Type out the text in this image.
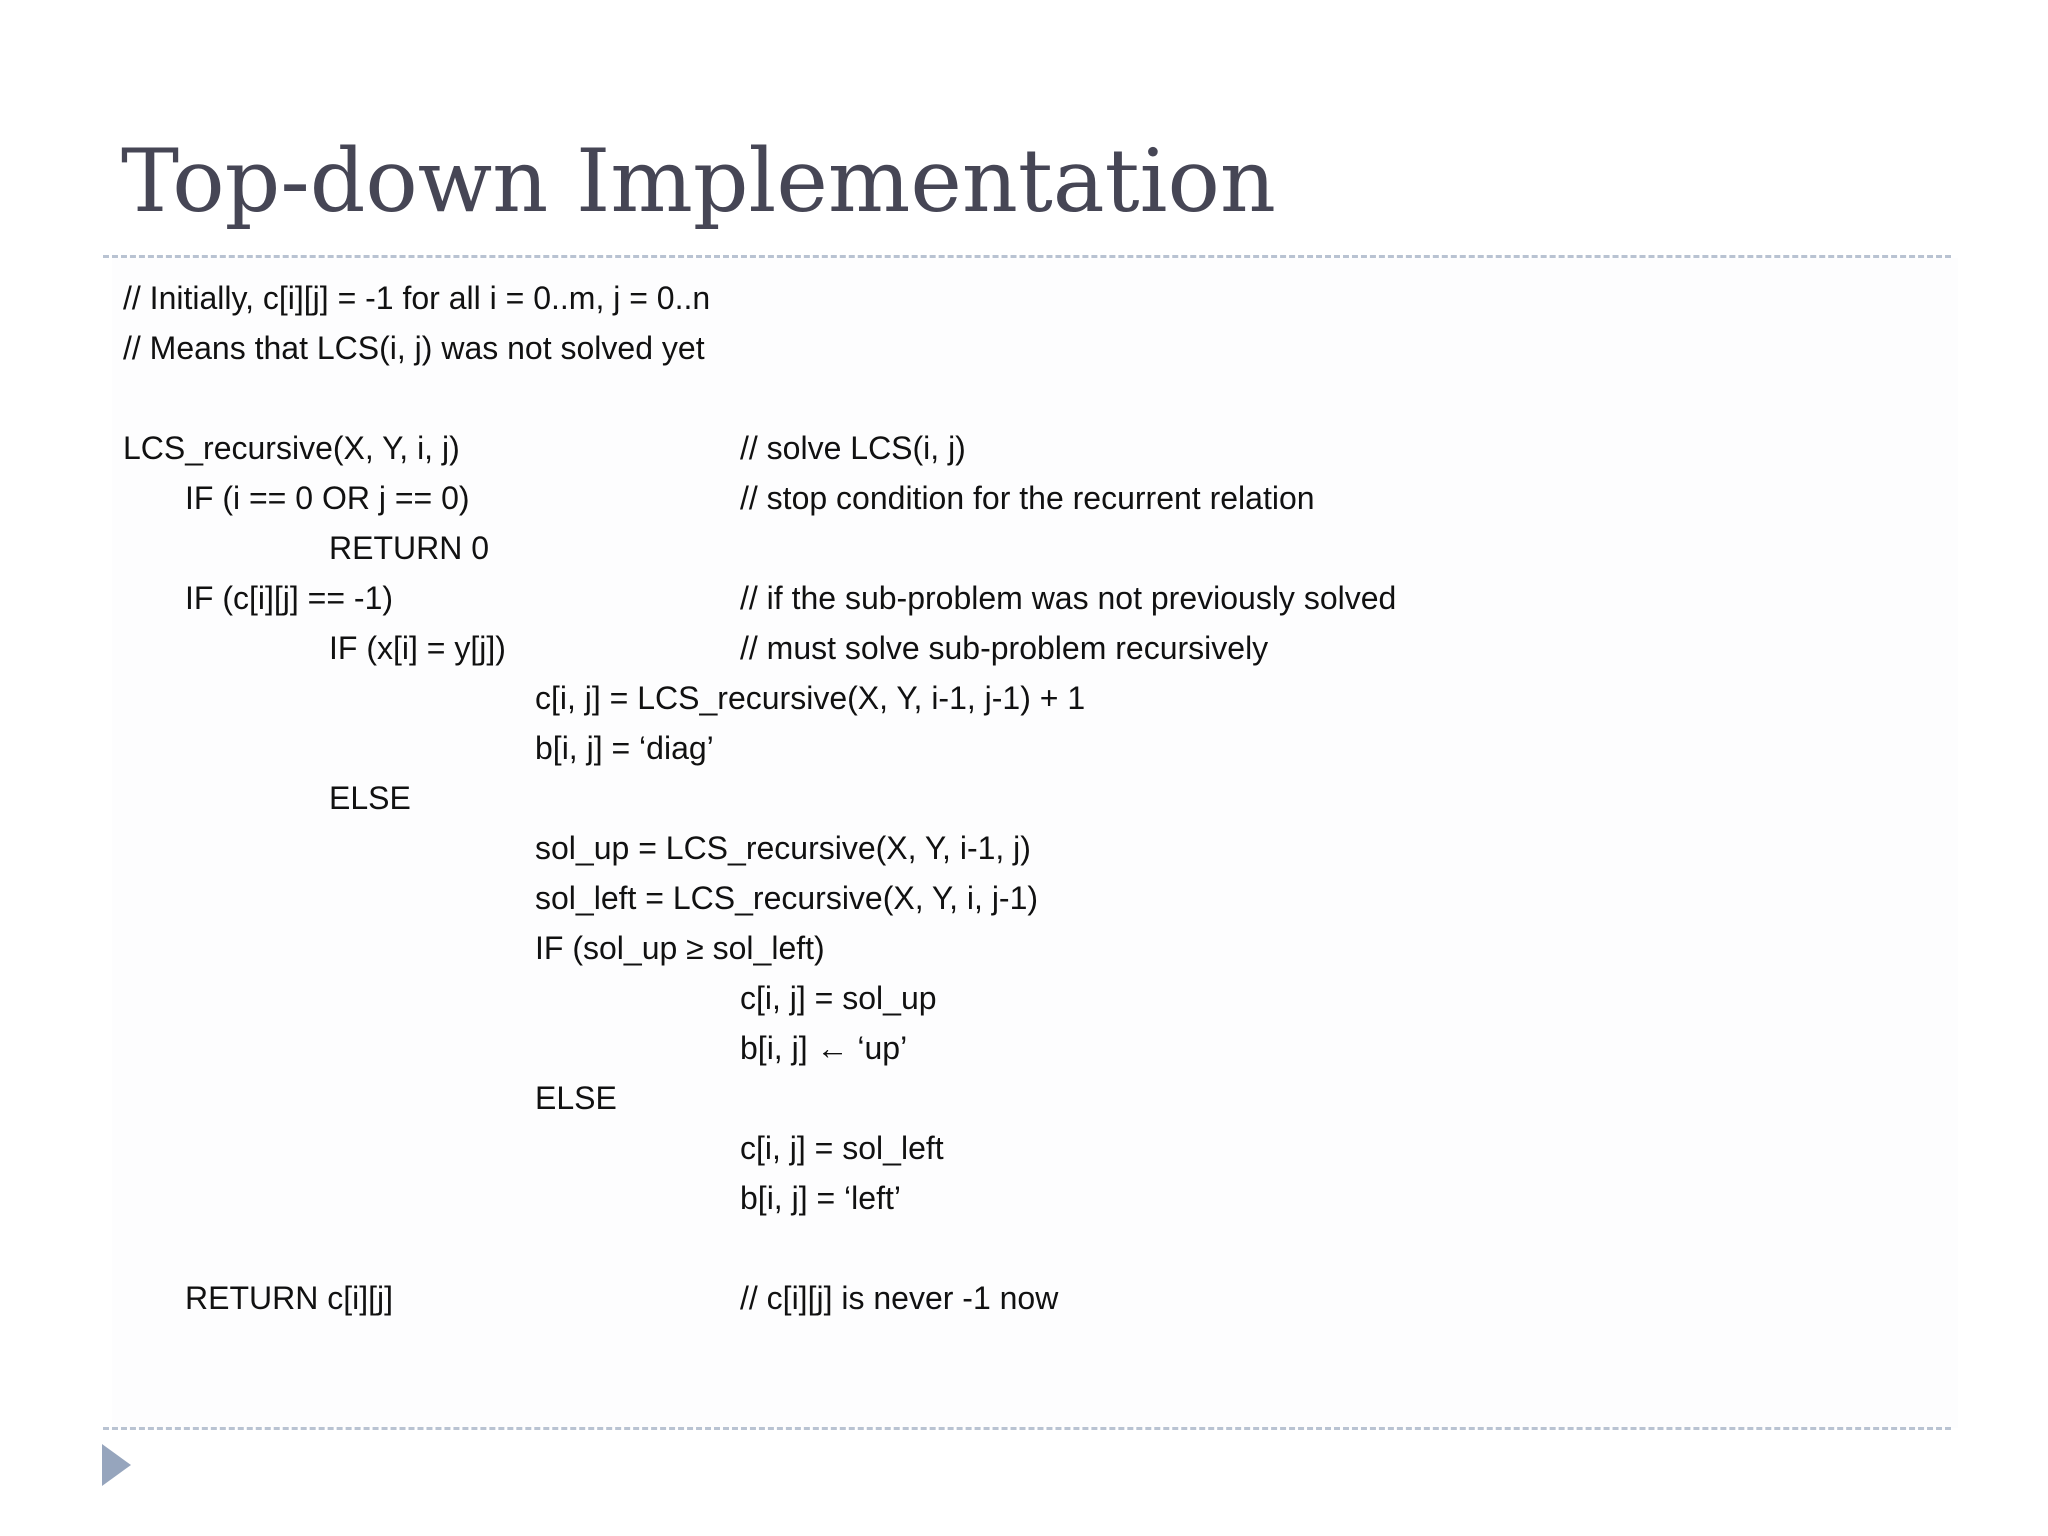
Top-down Implementation
// Initially, c[i][j] = -1 for all i = 0..m, j = 0..n
// Means that LCS(i, j) was not solved yet
LCS_recursive(X, Y, i, j)	// solve LCS(i, j)
IF (i == 0 OR j == 0)	// stop condition for the recurrent relation
RETURN 0
IF (c[i][j] == -1)	// if the sub-problem was not previously solved
IF (x[i] = y[j])	// must solve sub-problem recursively
c[i, j] = LCS_recursive(X, Y, i-1, j-1) + 1
b[i, j] = ‘diag’
ELSE
sol_up = LCS_recursive(X, Y, i-1, j)
sol_left = LCS_recursive(X, Y, i, j-1)
IF (sol_up ≥ sol_left)
c[i, j] = sol_up
b[i, j] ← ‘up’
ELSE
c[i, j] = sol_left
b[i, j] = ‘left’
RETURN c[i][j]	// c[i][j] is never -1 now
